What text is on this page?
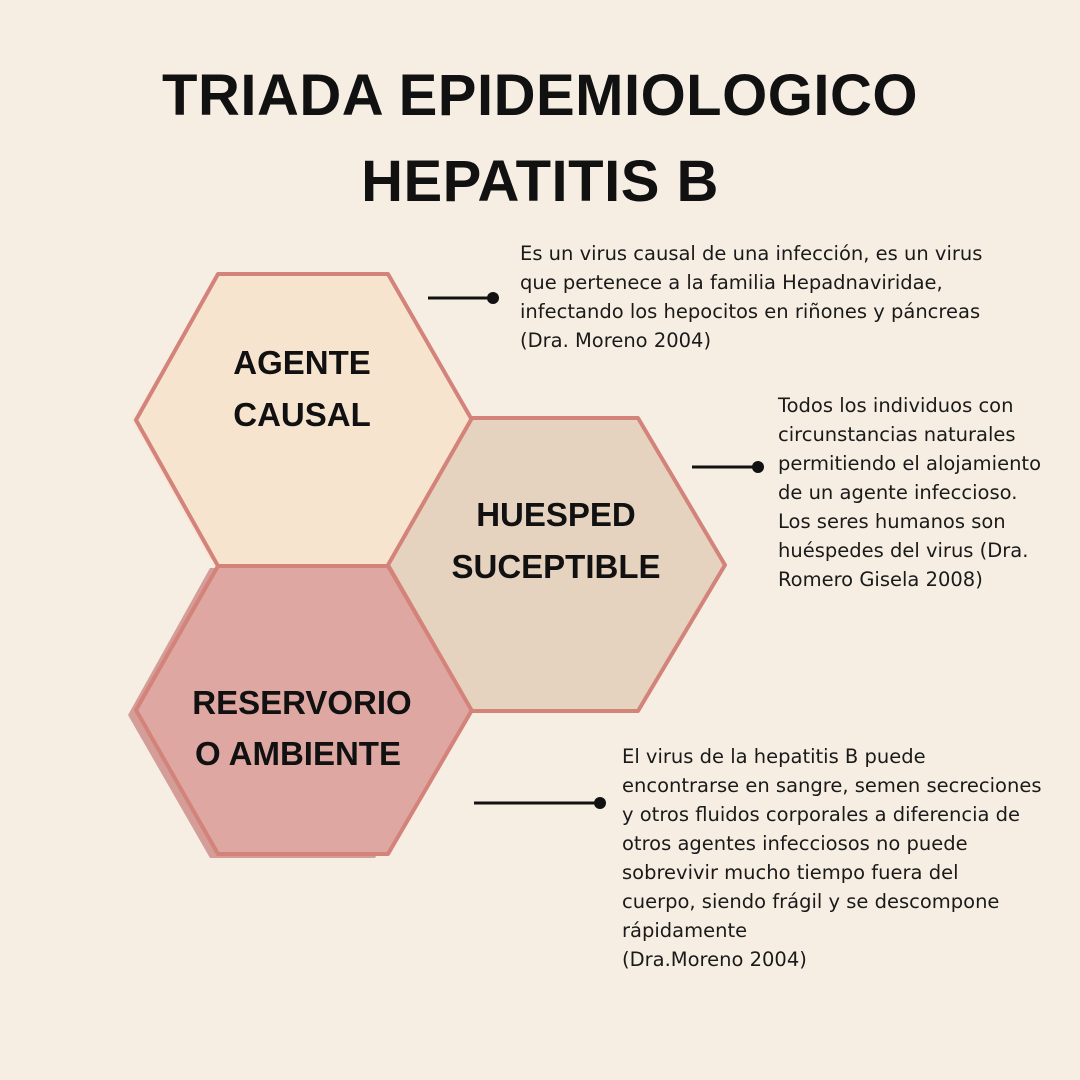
TRIADA EPIDEMIOLOGICO
HEPATITIS B
AGENTE
CAUSAL
RESERVORIO
O AMBIENTE
HUESPED
SUCEPTIBLE

Es un virus causal de una infección, es un virus
que pertenece a la familia Hepadnaviridae,
infectando los hepocitos en riñones y páncreas
(Dra. Moreno 2004)

Todos los individuos con
circunstancias naturales
permitiendo el alojamiento
de un agente infeccioso.
Los seres humanos son
huéspedes del virus (Dra.
Romero Gisela 2008)

El virus de la hepatitis B puede
encontrarse en sangre, semen secreciones
y otros fluidos corporales a diferencia de
otros agentes infecciosos no puede
sobrevivir mucho tiempo fuera del
cuerpo, siendo frágil y se descompone
rápidamente
(Dra.Moreno 2004)
